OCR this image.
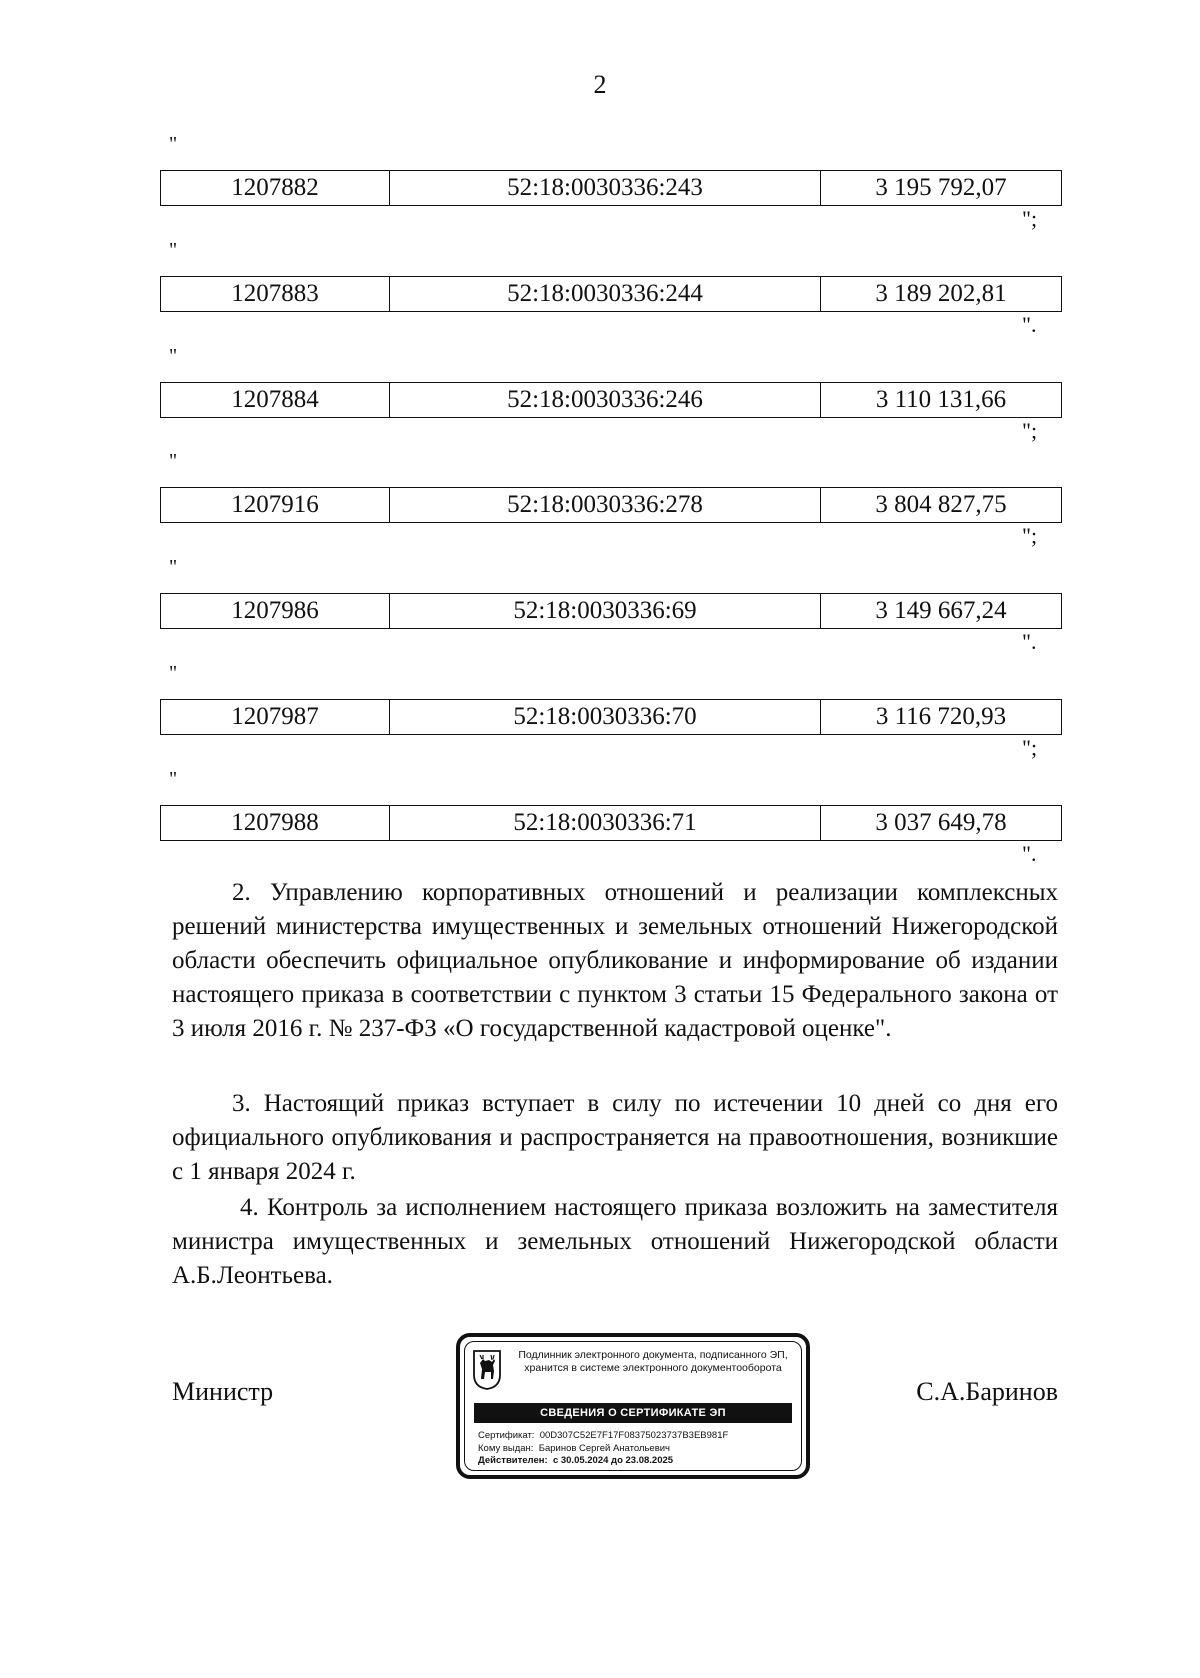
2
"
1207882	52:18:0030336:243	3 195 792,07
";
"
1207883	52:18:0030336:244	3 189 202,81
".
"
1207884	52:18:0030336:246	3 110 131,66
";
"
1207916	52:18:0030336:278	3 804 827,75
";
"
1207986	52:18:0030336:69	3 149 667,24
".
"
1207987	52:18:0030336:70	3 116 720,93
";
"
1207988	52:18:0030336:71	3 037 649,78
".

2. Управлению корпоративных отношений и реализации комплексных решений министерства имущественных и земельных отношений Нижегородской области обеспечить официальное опубликование и информирование об издании настоящего приказа в соответствии с пунктом 3 статьи 15 Федерального закона от 3 июля 2016 г. № 237-ФЗ «О государственной кадастровой оценке".

3. Настоящий приказ вступает в силу по истечении 10 дней со дня его официального опубликования и распространяется на правоотношения, возникшие с 1 января 2024 г.

4. Контроль за исполнением настоящего приказа возложить на заместителя министра имущественных и земельных отношений Нижегородской области А.Б.Леонтьева.

Министр	С.А.Баринов
Подлинник электронного документа, подписанного ЭП,
хранится в системе электронного документооборота
СВЕДЕНИЯ О СЕРТИФИКАТЕ ЭП
Сертификат: 00D307C52E7F17F08375023737B3EB981F
Кому выдан: Баринов Сергей Анатольевич
Действителен: с 30.05.2024 до 23.08.2025
